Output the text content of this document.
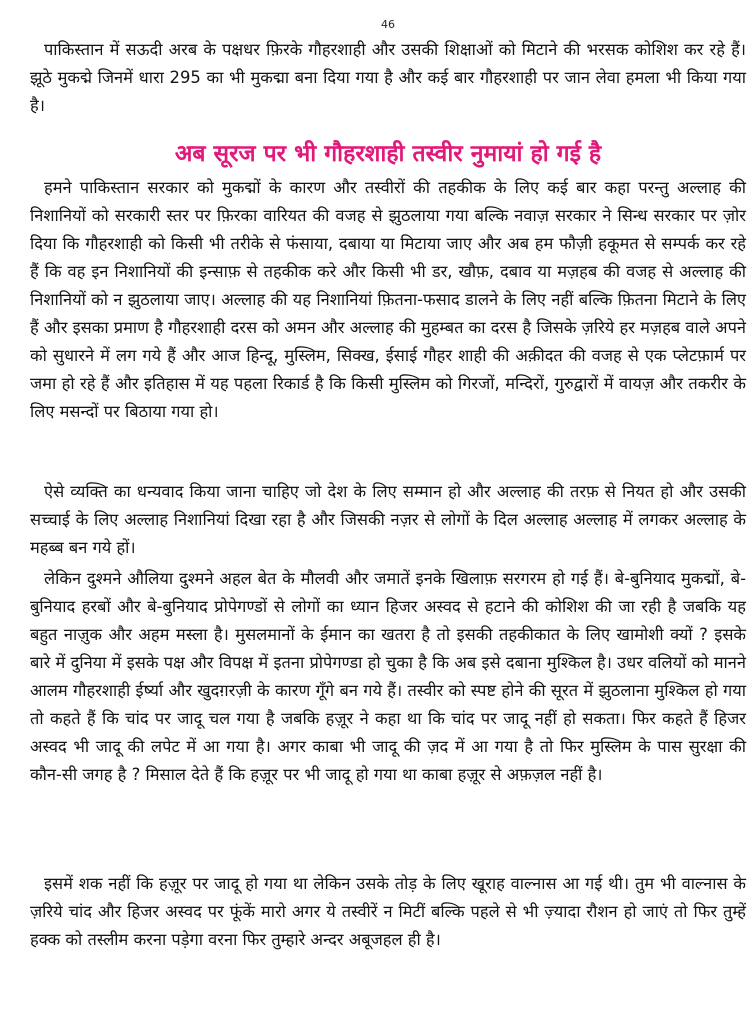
46

पाकिस्तान में सऊदी अरब के पक्षधर फ़िरके गौहरशाही और उसकी शिक्षाओं को मिटाने की भरसक कोशिश कर रहे हैं। झूठे मुकद्मे जिनमें धारा 295 का भी मुकद्मा बना दिया गया है और कई बार गौहरशाही पर जान लेवा हमला भी किया गया है।

अब सूरज पर भी गौहरशाही तस्वीर नुमायां हो गई है

हमने पाकिस्तान सरकार को मुकद्मों के कारण और तस्वीरों की तहकीक के लिए कई बार कहा परन्तु अल्लाह की निशानियों को सरकारी स्तर पर फ़िरका वारियत की वजह से झुठलाया गया बल्कि नवाज़ सरकार ने सिन्ध सरकार पर ज़ोर दिया कि गौहरशाही को किसी भी तरीके से फंसाया, दबाया या मिटाया जाए और अब हम फौज़ी हकूमत से सम्पर्क कर रहे हैं कि वह इन निशानियों की इन्साफ़ से तहकीक करे और किसी भी डर, खौफ़, दबाव या मज़हब की वजह से अल्लाह की निशानियों को न झुठलाया जाए। अल्लाह की यह निशानियां फ़ितना-फसाद डालने के लिए नहीं बल्कि फ़ितना मिटाने के लिए हैं और इसका प्रमाण है गौहरशाही दरस को अमन और अल्लाह की मुहम्बत का दरस है जिसके ज़रिये हर मज़हब वाले अपने को सुधारने में लग गये हैं और आज हिन्दू, मुस्लिम, सिक्ख, ईसाई गौहर शाही की अक़ीदत की वजह से एक प्लेटफ़ार्म पर जमा हो रहे हैं और इतिहास में यह पहला रिकार्ड है कि किसी मुस्लिम को गिरजों, मन्दिरों, गुरुद्वारों में वायज़ और तकरीर के लिए मसन्दों पर बिठाया गया हो।

ऐसे व्यक्ति का धन्यवाद किया जाना चाहिए जो देश के लिए सम्मान हो और अल्लाह की तरफ़ से नियत हो और उसकी सच्चाई के लिए अल्लाह निशानियां दिखा रहा है और जिसकी नज़र से लोगों के दिल अल्लाह अल्लाह में लगकर अल्लाह के महब्ब बन गये हों।

लेकिन दुश्मने औलिया दुश्मने अहल बेत के मौलवी और जमातें इनके खिलाफ़ सरगरम हो गई हैं। बे-बुनियाद मुकद्मों, बे-बुनियाद हरबों और बे-बुनियाद प्रोपेगण्डों से लोगों का ध्यान हिजर अस्वद से हटाने की कोशिश की जा रही है जबकि यह बहुत नाज़ुक और अहम मस्ला है। मुसलमानों के ईमान का खतरा है तो इसकी तहकीकात के लिए खामोशी क्यों ? इसके बारे में दुनिया में इसके पक्ष और विपक्ष में इतना प्रोपेगण्डा हो चुका है कि अब इसे दबाना मुश्किल है। उधर वलियों को मानने आलम गौहरशाही ईर्ष्या और खुदग़रज़ी के कारण गूँगे बन गये हैं। तस्वीर को स्पष्ट होने की सूरत में झुठलाना मुश्किल हो गया तो कहते हैं कि चांद पर जादू चल गया है जबकि हज़ूर ने कहा था कि चांद पर जादू नहीं हो सकता। फिर कहते हैं हिजर अस्वद भी जादू की लपेट में आ गया है। अगर काबा भी जादू की ज़द में आ गया है तो फिर मुस्लिम के पास सुरक्षा की कौन-सी जगह है ? मिसाल देते हैं कि हज़ूर पर भी जादू हो गया था काबा हज़ूर से अफ़ज़ल नहीं है।

इसमें शक नहीं कि हज़ूर पर जादू हो गया था लेकिन उसके तोड़ के लिए खूराह वाल्नास आ गई थी। तुम भी वाल्नास के ज़रिये चांद और हिजर अस्वद पर फूंकें मारो अगर ये तस्वीरें न मिटीं बल्कि पहले से भी ज़्यादा रौशन हो जाएं तो फिर तुम्हें हक्क को तस्लीम करना पड़ेगा वरना फिर तुम्हारे अन्दर अबूजहल ही है।
